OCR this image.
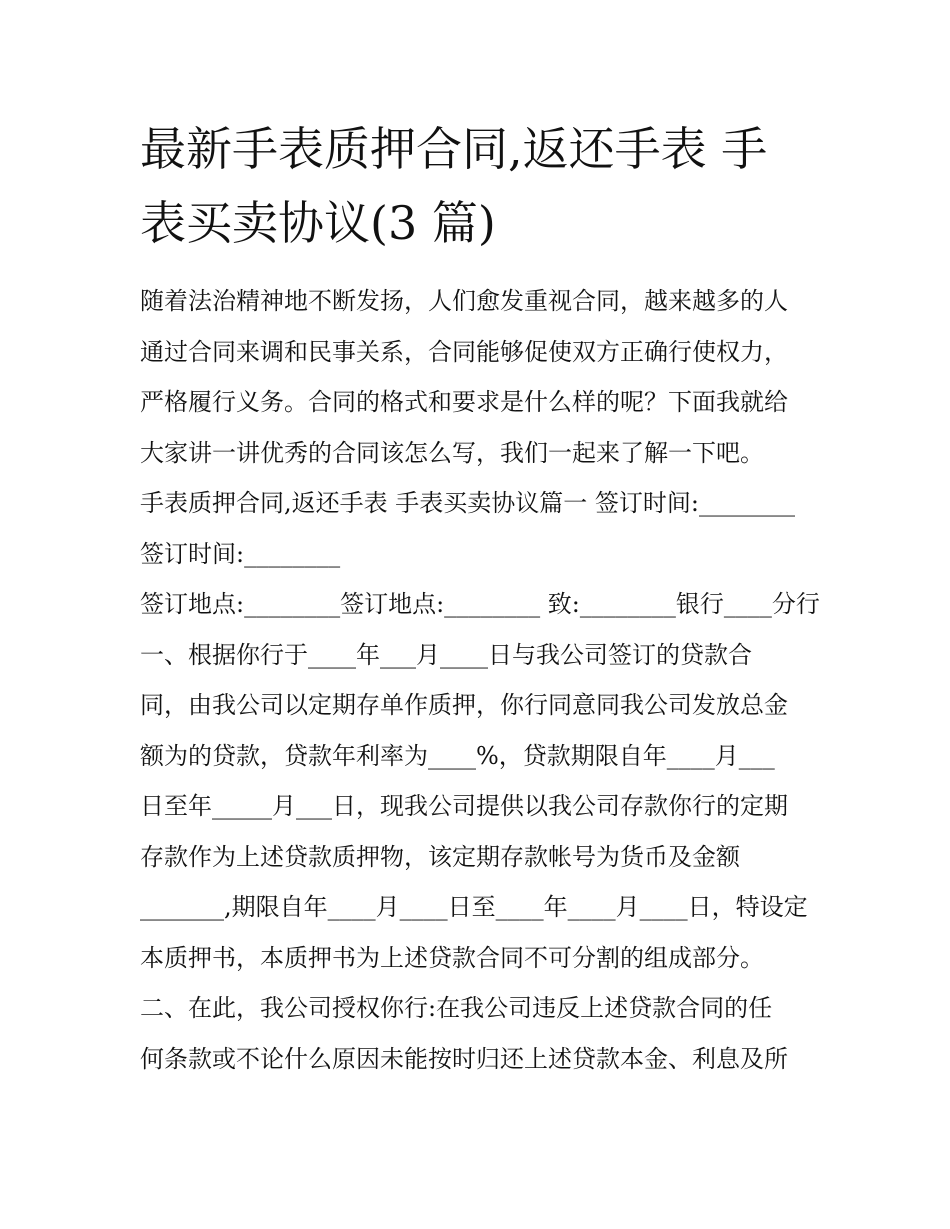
最新手表质押合同,返还手表 手
表买卖协议(3 篇)
随着法治精神地不断发扬，人们愈发重视合同，越来越多的人
通过合同来调和民事关系，合同能够促使双方正确行使权力，
严格履行义务。合同的格式和要求是什么样的呢？下面我就给
大家讲一讲优秀的合同该怎么写，我们一起来了解一下吧。
手表质押合同,返还手表 手表买卖协议篇一 签订时间:________
签订时间:________
签订地点:________签订地点:________ 致:________银行____分行
一、根据你行于____年___月____日与我公司签订的贷款合
同，由我公司以定期存单作质押，你行同意同我公司发放总金
额为的贷款，贷款年利率为____%，贷款期限自年____月___
日至年_____月___日，现我公司提供以我公司存款你行的定期
存款作为上述贷款质押物，该定期存款帐号为货币及金额
_______,期限自年____月____日至____年____月____日，特设定
本质押书，本质押书为上述贷款合同不可分割的组成部分。
二、在此，我公司授权你行:在我公司违反上述贷款合同的任
何条款或不论什么原因未能按时归还上述贷款本金、利息及所
